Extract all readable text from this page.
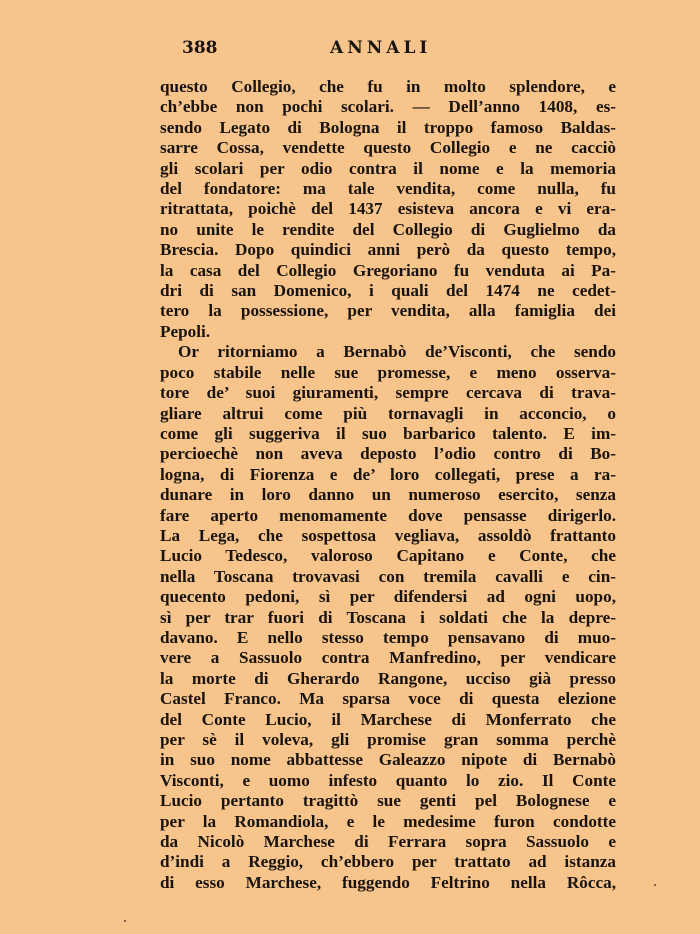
388	ANNALI
questo Collegio, che fu in molto splendore, e
ch’ebbe non pochi scolari. — Dell’anno 1408, es-
sendo Legato di Bologna il troppo famoso Baldas-
sarre Cossa, vendette questo Collegio e ne cacciò
gli scolari per odio contra il nome e la memoria
del fondatore: ma tale vendita, come nulla, fu
ritrattata, poichè del 1437 esisteva ancora e vi era-
no unite le rendite del Collegio di Guglielmo da
Brescia. Dopo quindici anni però da questo tempo,
la casa del Collegio Gregoriano fu venduta ai Pa-
dri di san Domenico, i quali del 1474 ne cedet-
tero la possessione, per vendita, alla famiglia dei
Pepoli.
Or ritorniamo a Bernabò de’Visconti, che sendo
poco stabile nelle sue promesse, e meno osserva-
tore de’ suoi giuramenti, sempre cercava di trava-
gliare altrui come più tornavagli in acconcio, o
come gli suggeriva il suo barbarico talento. E im-
percioechè non aveva deposto l’odio contro di Bo-
logna, di Fiorenza e de’ loro collegati, prese a ra-
dunare in loro danno un numeroso esercito, senza
fare aperto menomamente dove pensasse dirigerlo.
La Lega, che sospettosa vegliava, assoldò frattanto
Lucio Tedesco, valoroso Capitano e Conte, che
nella Toscana trovavasi con tremila cavalli e cin-
quecento pedoni, sì per difendersi ad ogni uopo,
sì per trar fuori di Toscana i soldati che la depre-
davano. E nello stesso tempo pensavano di muo-
vere a Sassuolo contra Manfredino, per vendicare
la morte di Gherardo Rangone, ucciso già presso
Castel Franco. Ma sparsa voce di questa elezione
del Conte Lucio, il Marchese di Monferrato che
per sè il voleva, gli promise gran somma perchè
in suo nome abbattesse Galeazzo nipote di Bernabò
Visconti, e uomo infesto quanto lo zio. Il Conte
Lucio pertanto tragittò sue genti pel Bolognese e
per la Romandiola, e le medesime furon condotte
da Nicolò Marchese di Ferrara sopra Sassuolo e
d’indi a Reggio, ch’ebbero per trattato ad istanza
di esso Marchese, fuggendo Feltrino nella Rôcca,
